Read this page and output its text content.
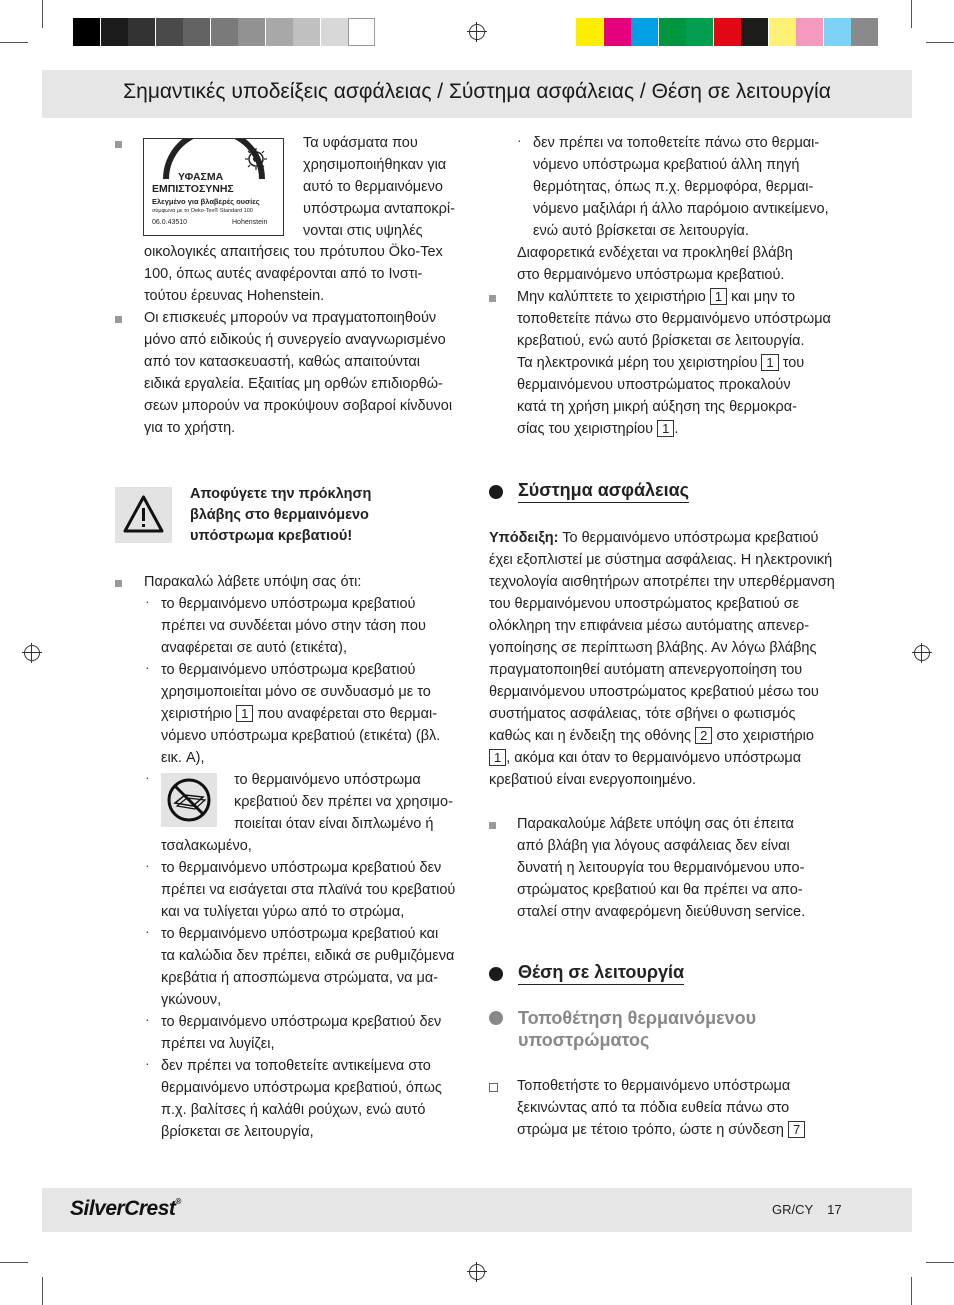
Σημαντικές υποδείξεις ασφάλειας / Σύστημα ασφάλειας / Θέση σε λειτουργία
ΥΦΑΣΜΑ
ΕΜΠΙΣΤΟΣΥΝΗΣ
Ελεγμένο για βλαβερές ουσίες
σύμφωνα με το Oeko-Tex® Standard 100
06.0.43510	Hohenstein

Τα υφάσματα που

χρησιμοποιήθηκαν για

αυτό το θερμαινόμενο

υπόστρωμα ανταποκρί-

νονται στις υψηλές

οικολογικές απαιτήσεις του πρότυπου Öko-Tex

100, όπως αυτές αναφέρονται από το Ινστι-

τούτου έρευνας Hohenstein.

Οι επισκευές μπορούν να πραγματοποιηθούν

μόνο από ειδικούς ή συνεργείο αναγνωρισμένο

από τον κατασκευαστή, καθώς απαιτούνται

ειδικά εργαλεία. Εξαιτίας μη ορθών επιδιορθώ-

σεων μπορούν να προκύψουν σοβαροί κίνδυνοι

για το χρήστη.

Αποφύγετε την πρόκληση

βλάβης στο θερμαινόμενο

υπόστρωμα κρεβατιού!

Παρακαλώ λάβετε υπόψη σας ότι:
· το θερμαινόμενο υπόστρωμα κρεβατιού

πρέπει να συνδέεται μόνο στην τάση που

αναφέρεται σε αυτό (ετικέτα),

· το θερμαινόμενο υπόστρωμα κρεβατιού

χρησιμοποιείται μόνο σε συνδυασμό με το

χειριστήριο 1 που αναφέρεται στο θερμαι-

νόμενο υπόστρωμα κρεβατιού (ετικέτα) (βλ.

εικ. A),

·	το θερμαινόμενο υπόστρωμα

κρεβατιού δεν πρέπει να χρησιμο-

ποιείται όταν είναι διπλωμένο ή

τσαλακωμένο,
· το θερμαινόμενο υπόστρωμα κρεβατιού δεν

πρέπει να εισάγεται στα πλαϊνά του κρεβατιού

και να τυλίγεται γύρω από το στρώμα,

· το θερμαινόμενο υπόστρωμα κρεβατιού και

τα καλώδια δεν πρέπει, ειδικά σε ρυθμιζόμενα

κρεβάτια ή αποσπώμενα στρώματα, να μα-

γκώνουν,

· το θερμαινόμενο υπόστρωμα κρεβατιού δεν

πρέπει να λυγίζει,

· δεν πρέπει να τοποθετείτε αντικείμενα στο

θερμαινόμενο υπόστρωμα κρεβατιού, όπως

π.χ. βαλίτσες ή καλάθι ρούχων, ενώ αυτό

βρίσκεται σε λειτουργία,

· δεν πρέπει να τοποθετείτε πάνω στο θερμαι-

νόμενο υπόστρωμα κρεβατιού άλλη πηγή

θερμότητας, όπως π.χ. θερμοφόρα, θερμαι-

νόμενο μαξιλάρι ή άλλο παρόμοιο αντικείμενο,

ενώ αυτό βρίσκεται σε λειτουργία.

Διαφορετικά ενδέχεται να προκληθεί βλάβη

στο θερμαινόμενο υπόστρωμα κρεβατιού.

Μην καλύπτετε το χειριστήριο 1 και μην το

τοποθετείτε πάνω στο θερμαινόμενο υπόστρωμα

κρεβατιού, ενώ αυτό βρίσκεται σε λειτουργία.

Τα ηλεκτρονικά μέρη του χειριστηρίου 1 του

θερμαινόμενου υποστρώματος προκαλούν

κατά τη χρήση μικρή αύξηση της θερμοκρα-

σίας του χειριστηρίου 1 .

Σύστημα ασφάλειας

Υπόδειξη: Το θερμαινόμενο υπόστρωμα κρεβατιού

έχει εξοπλιστεί με σύστημα ασφάλειας. Η ηλεκτρονική

τεχνολογία αισθητήρων αποτρέπει την υπερθέρμανση

του θερμαινόμενου υποστρώματος κρεβατιού σε

ολόκληρη την επιφάνεια μέσω αυτόματης απενερ-

γοποίησης σε περίπτωση βλάβης. Αν λόγω βλάβης

πραγματοποιηθεί αυτόματη απενεργοποίηση του

θερμαινόμενου υποστρώματος κρεβατιού μέσω του

συστήματος ασφάλειας, τότε σβήνει ο φωτισμός

καθώς και η ένδειξη της οθόνης 2 στο χειριστήριο

1 , ακόμα και όταν το θερμαινόμενο υπόστρωμα

κρεβατιού είναι ενεργοποιημένο.

Παρακαλούμε λάβετε υπόψη σας ότι έπειτα

από βλάβη για λόγους ασφάλειας δεν είναι

δυνατή η λειτουργία του θερμαινόμενου υπο-

στρώματος κρεβατιού και θα πρέπει να απο-

σταλεί στην αναφερόμενη διεύθυνση service.

Θέση σε λειτουργία

Τοποθέτηση θερμαινόμενου

υποστρώματος

Τοποθετήστε το θερμαινόμενο υπόστρωμα

ξεκινώντας από τα πόδια ευθεία πάνω στο

στρώμα με τέτοιο τρόπο, ώστε η σύνδεση 7

SilverCrest®
GR/CY 17
